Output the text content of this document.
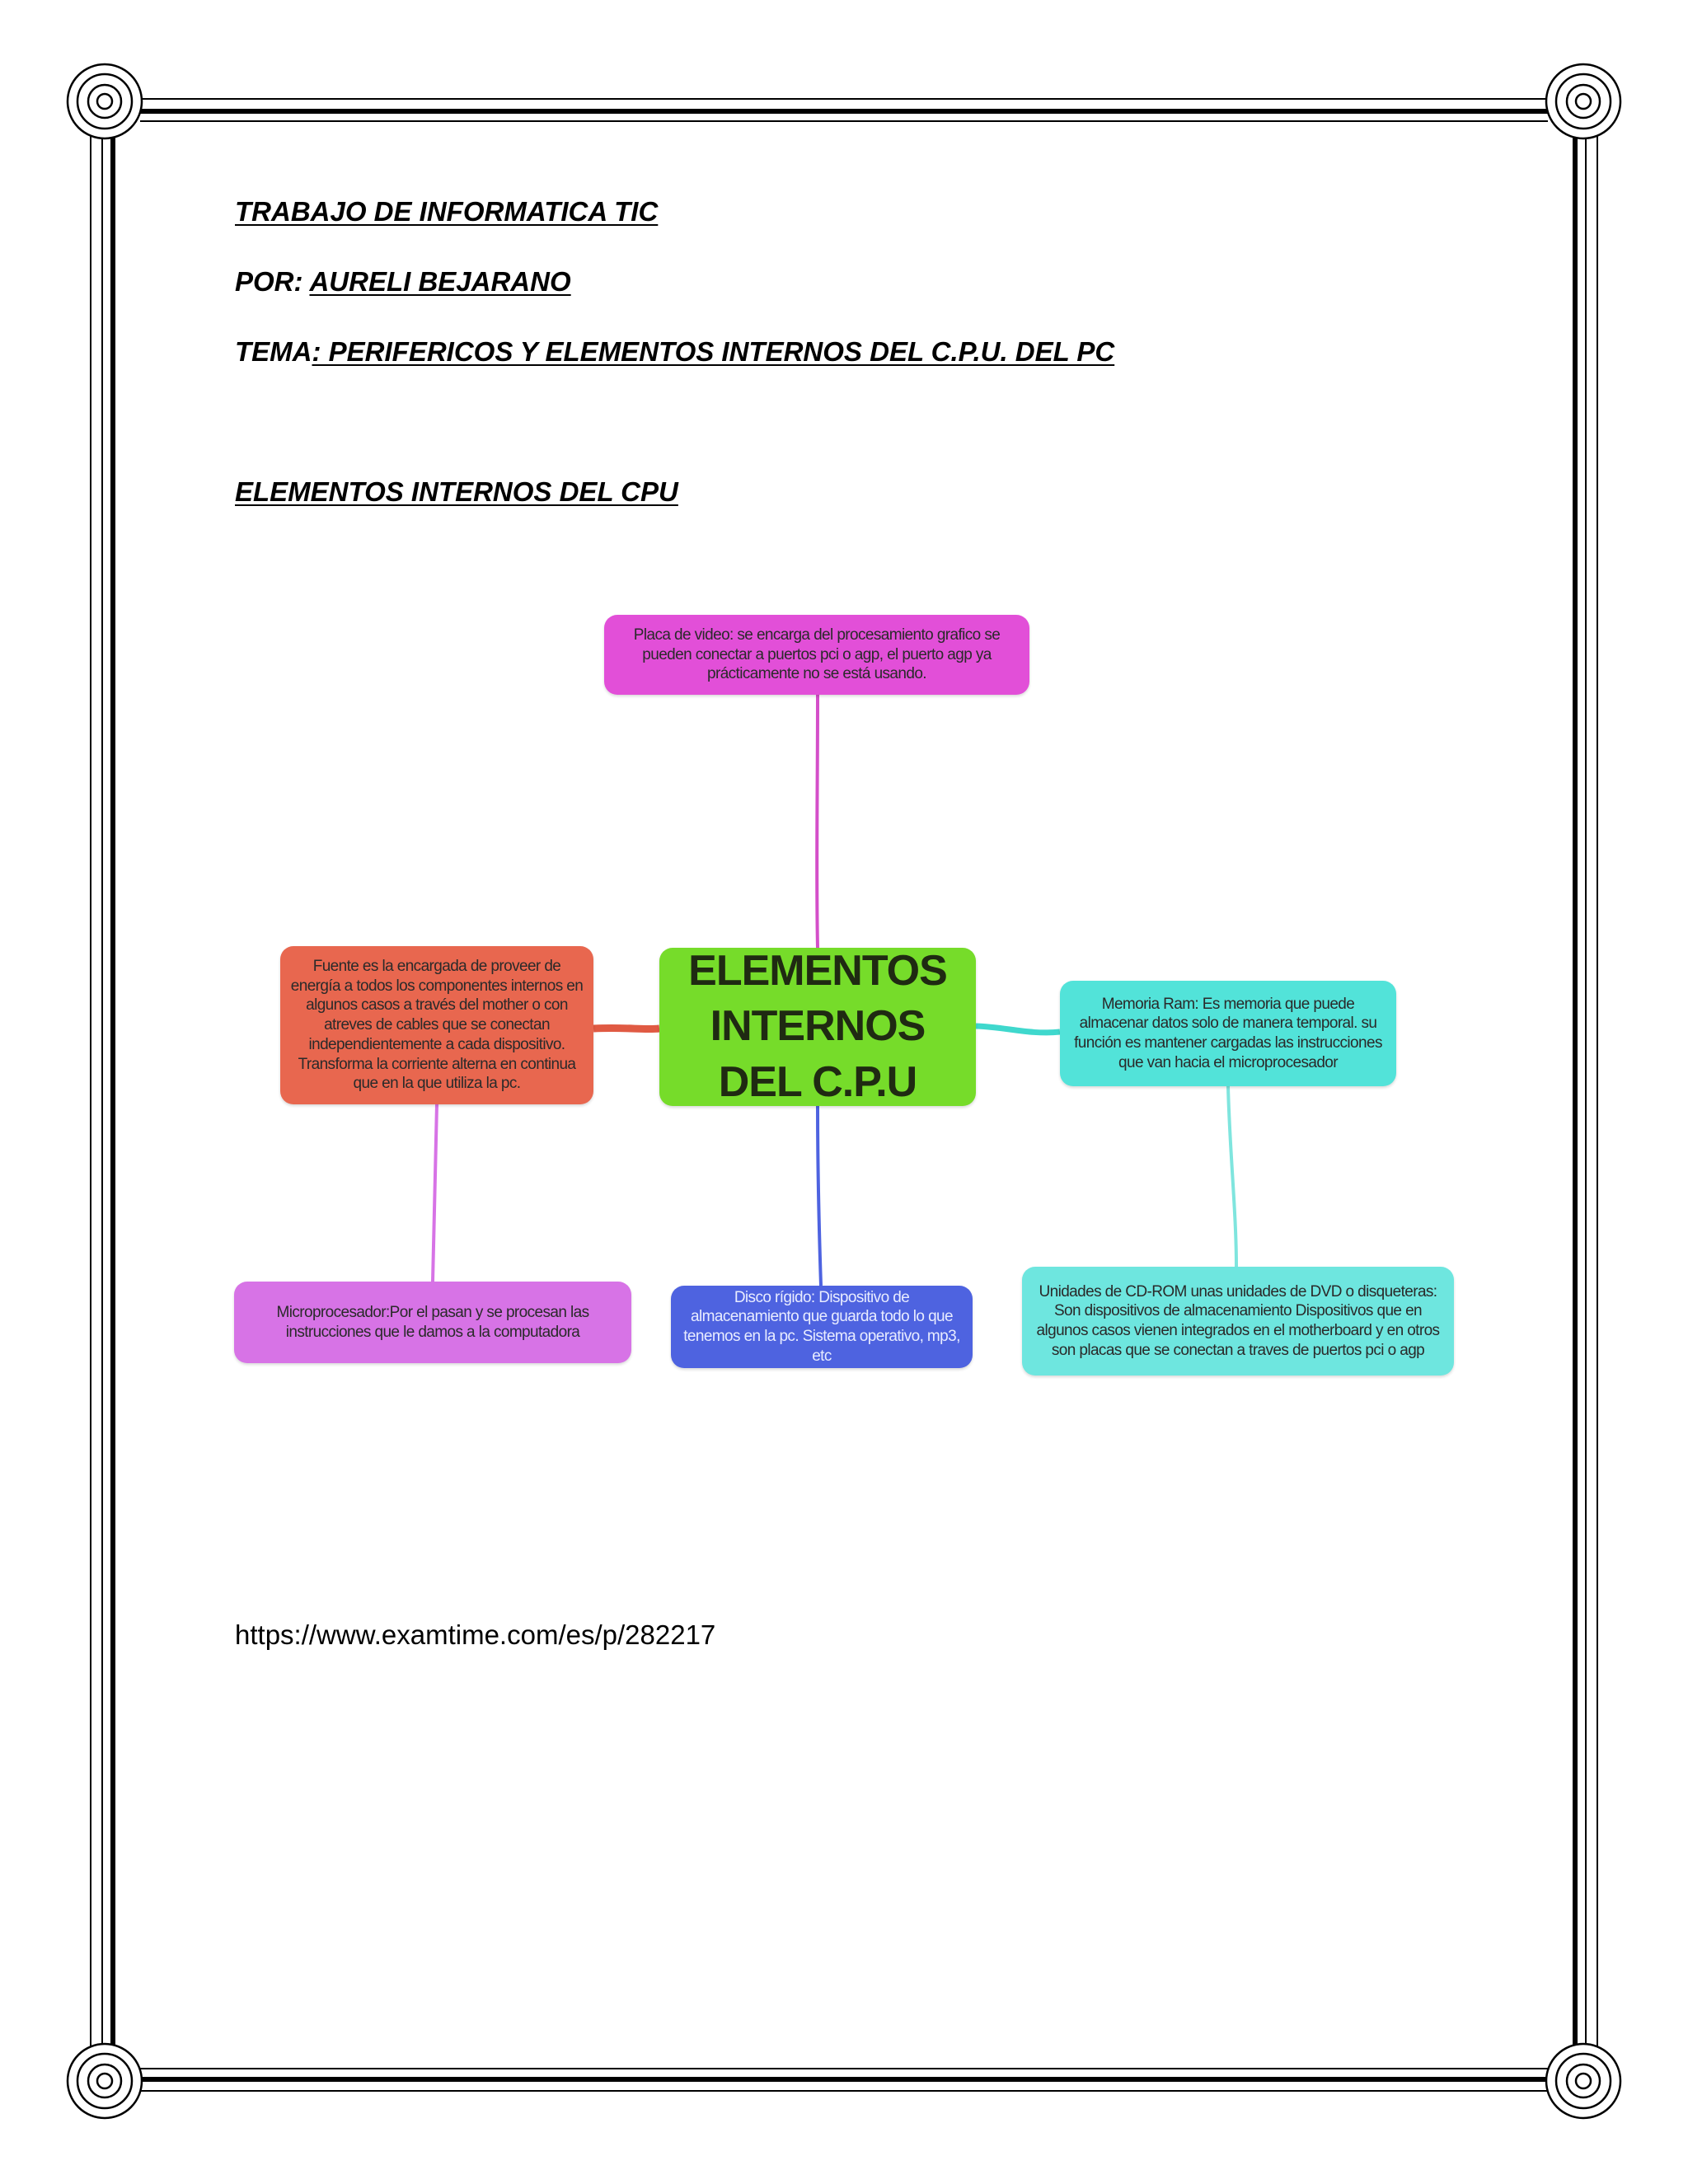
TRABAJO DE INFORMATICA TIC

POR: AURELI BEJARANO

TEMA: PERIFERICOS Y ELEMENTOS INTERNOS DEL C.P.U. DEL PC

ELEMENTOS INTERNOS DEL CPU

Placa de video: se encarga del procesamiento grafico se pueden conectar a puertos pci o agp, el puerto agp ya prácticamente no se está usando.
Fuente es la encargada de proveer de energía a todos los componentes internos en algunos casos a través del mother o con atreves de cables que se conectan independientemente a cada dispositivo. Transforma la corriente alterna en continua que en la que utiliza la pc.
ELEMENTOS INTERNOS DEL C.P.U
Memoria Ram: Es memoria que puede almacenar datos solo de manera temporal. su función es mantener cargadas las instrucciones que van hacia el microprocesador
Microprocesador:Por el pasan y se procesan las instrucciones que le damos a la computadora
Disco rígido: Dispositivo de almacenamiento que guarda todo lo que tenemos en la pc. Sistema operativo, mp3, etc
Unidades de CD-ROM unas unidades de DVD o disqueteras: Son dispositivos de almacenamiento Dispositivos que en algunos casos vienen integrados en el motherboard y en otros son placas que se conectan a traves de puertos pci o agp

https://www.examtime.com/es/p/282217
